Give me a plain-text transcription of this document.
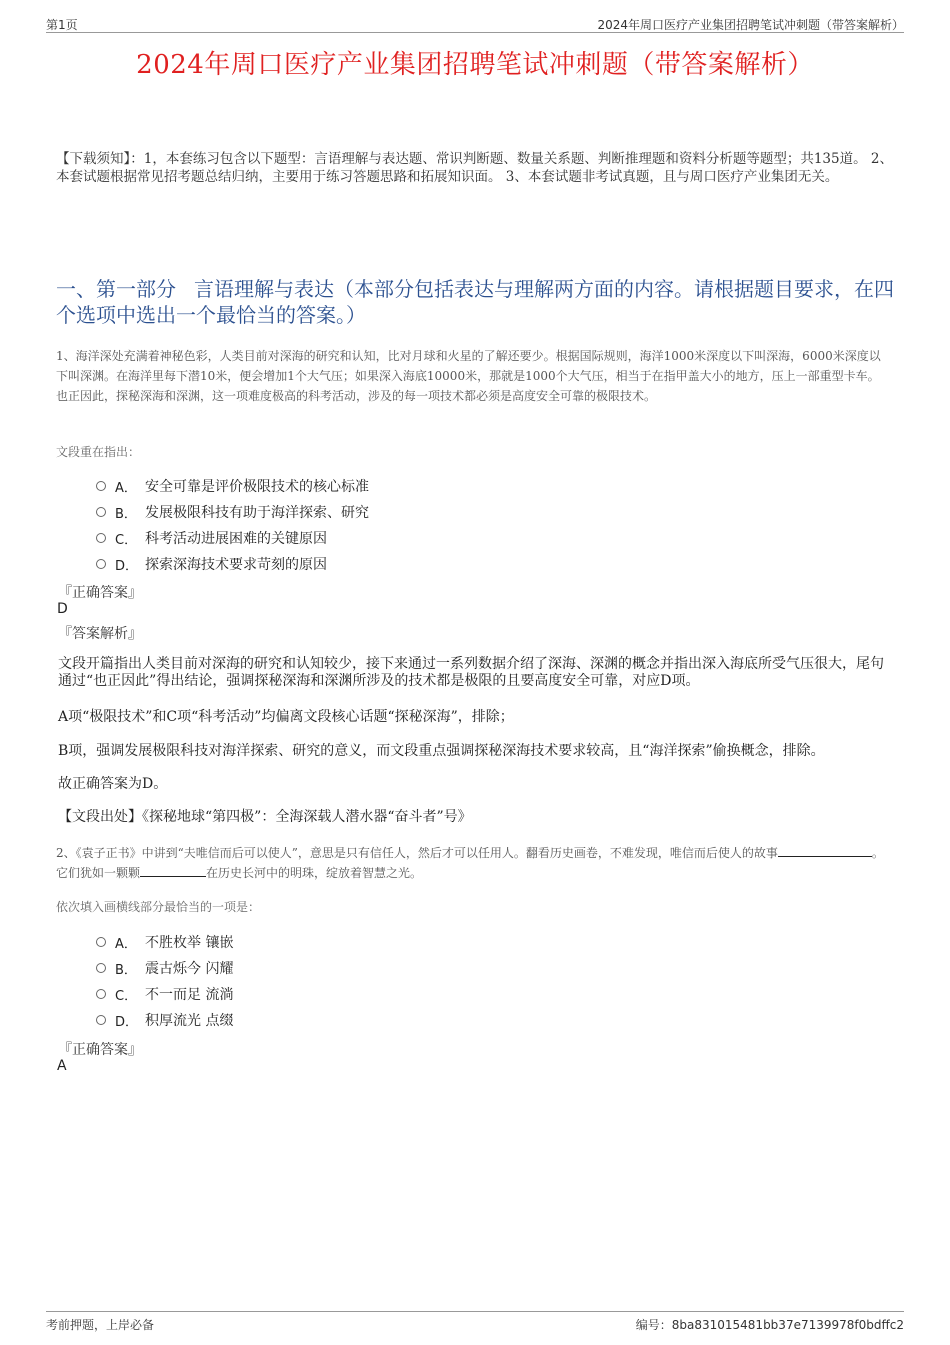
第1页	2024年周口医疗产业集团招聘笔试冲刺题（带答案解析）
2024年周口医疗产业集团招聘笔试冲刺题（带答案解析）
【下载须知】：1，本套练习包含以下题型：言语理解与表达题、常识判断题、数量关系题、判断推理题和资料分析题等题型；共135道。 2、本套试题根据常见招考题总结归纳，主要用于练习答题思路和拓展知识面。 3、本套试题非考试真题，且与周口医疗产业集团无关。
一、第一部分 言语理解与表达（本部分包括表达与理解两方面的内容。请根据题目要求，在四个选项中选出一个最恰当的答案。）
1、海洋深处充满着神秘色彩，人类目前对深海的研究和认知，比对月球和火星的了解还要少。根据国际规则，海洋1000米深度以下叫深海，6000米深度以下叫深渊。在海洋里每下潜10米，便会增加1个大气压；如果深入海底10000米，那就是1000个大气压，相当于在指甲盖大小的地方，压上一部重型卡车。也正因此，探秘深海和深渊，这一项难度极高的科考活动，涉及的每一项技术都必须是高度安全可靠的极限技术。
文段重在指出：
A． 安全可靠是评价极限技术的核心标准
B． 发展极限科技有助于海洋探索、研究
C． 科考活动进展困难的关键原因
D． 探索深海技术要求苛刻的原因
『正确答案』
D
『答案解析』
文段开篇指出人类目前对深海的研究和认知较少，接下来通过一系列数据介绍了深海、深渊的概念并指出深入海底所受气压很大，尾句通过“也正因此”得出结论，强调探秘深海和深渊所涉及的技术都是极限的且要高度安全可靠，对应D项。
A项“极限技术”和C项“科考活动”均偏离文段核心话题“探秘深海”，排除；
B项，强调发展极限科技对海洋探索、研究的意义，而文段重点强调探秘深海技术要求较高，且“海洋探索”偷换概念，排除。
故正确答案为D。
【文段出处】《探秘地球“第四极”：全海深载人潜水器“奋斗者”号》
2、《袁子正书》中讲到“夫唯信而后可以使人”，意思是只有信任人，然后才可以任用人。翻看历史画卷，不难发现，唯信而后使人的故事	。它们犹如一颗颗	在历史长河中的明珠，绽放着智慧之光。
依次填入画横线部分最恰当的一项是：
A． 不胜枚举 镶嵌
B． 震古烁今 闪耀
C． 不一而足 流淌
D． 积厚流光 点缀
『正确答案』
A
考前押题，上岸必备	编号：8ba831015481bb37e7139978f0bdffc2
